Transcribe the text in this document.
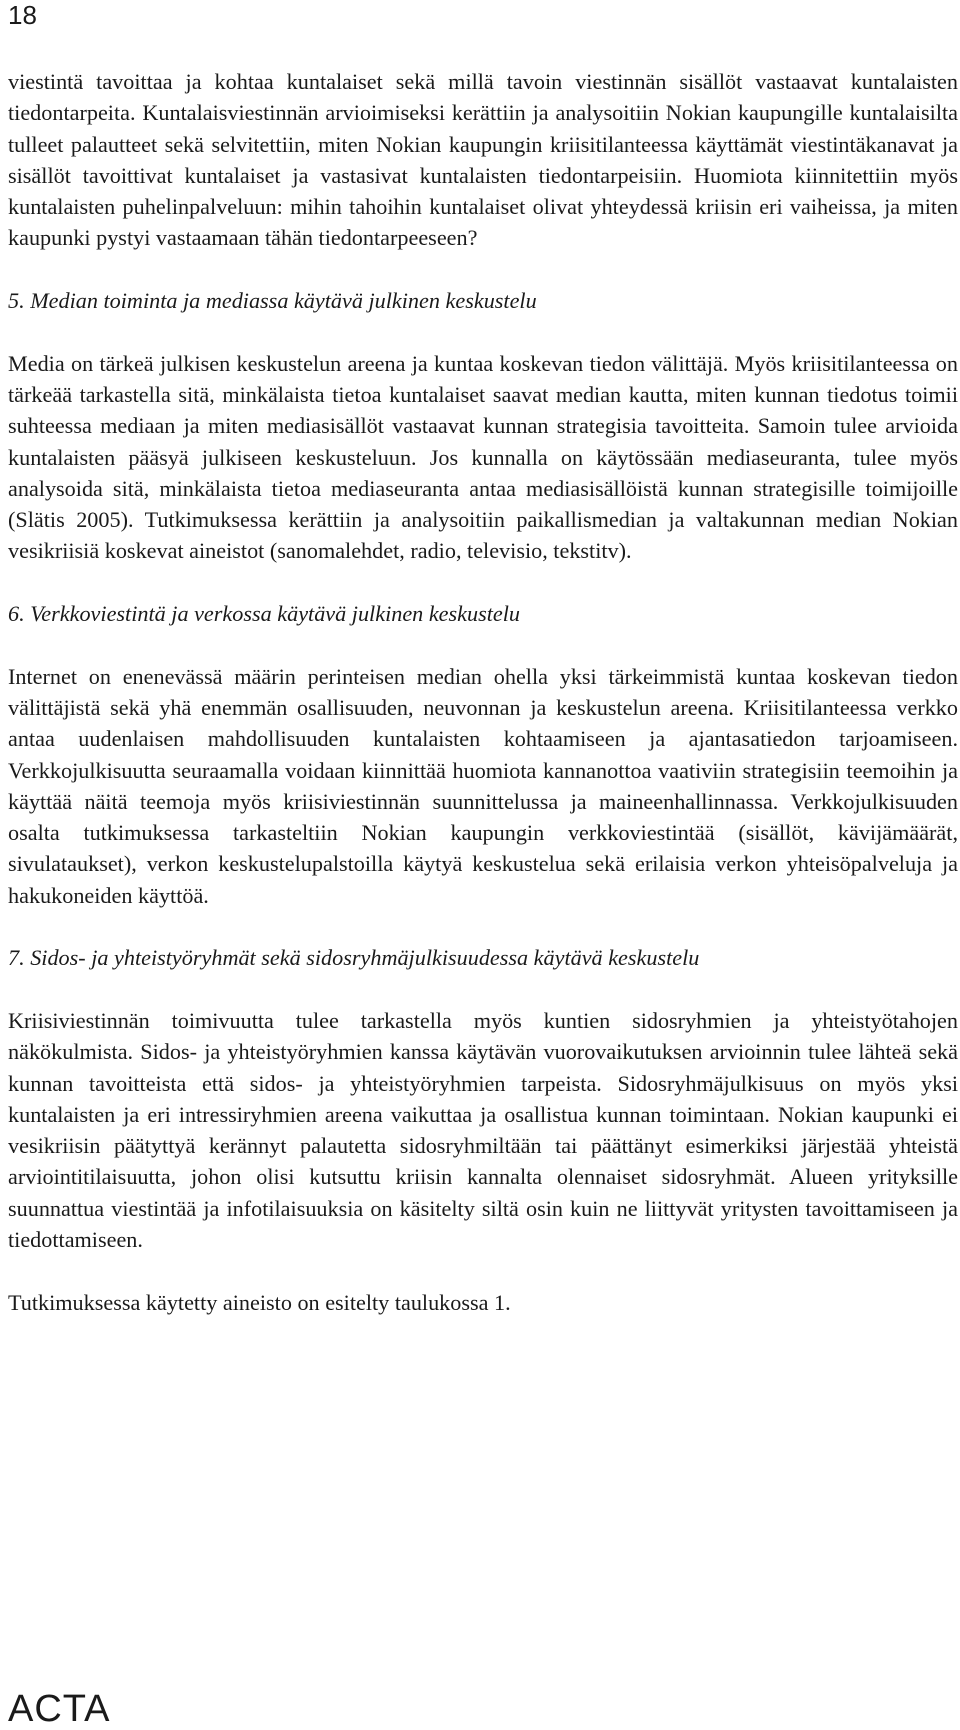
18

viestintä tavoittaa ja kohtaa kuntalaiset sekä millä tavoin viestinnän sisällöt vastaavat kuntalaisten tiedontarpeita. Kuntalaisviestinnän arvioimiseksi kerättiin ja analysoitiin Nokian kaupungille kuntalaisilta tulleet palautteet sekä selvitettiin, miten Nokian kaupungin kriisitilanteessa käyttämät viestintäkanavat ja sisällöt tavoittivat kuntalaiset ja vastasivat kuntalaisten tiedontarpeisiin. Huomiota kiinnitettiin myös kuntalaisten puhelinpalveluun: mihin tahoihin kuntalaiset olivat yhteydessä kriisin eri vaiheissa, ja miten kaupunki pystyi vastaamaan tähän tiedontarpeeseen?

5. Median toiminta ja mediassa käytävä julkinen keskustelu

Media on tärkeä julkisen keskustelun areena ja kuntaa koskevan tiedon välittäjä. Myös kriisitilanteessa on tärkeää tarkastella sitä, minkälaista tietoa kuntalaiset saavat median kautta, miten kunnan tiedotus toimii suhteessa mediaan ja miten mediasisällöt vastaavat kunnan strategisia tavoitteita. Samoin tulee arvioida kuntalaisten pääsyä julkiseen keskusteluun. Jos kunnalla on käytössään mediaseuranta, tulee myös analysoida sitä, minkälaista tietoa mediaseuranta antaa mediasisällöistä kunnan strategisille toimijoille (Slätis 2005). Tutkimuksessa kerättiin ja analysoitiin paikallismedian ja valtakunnan median Nokian vesikriisiä koskevat aineistot (sanomalehdet, radio, televisio, tekstitv).

6. Verkkoviestintä ja verkossa käytävä julkinen keskustelu

Internet on enenevässä määrin perinteisen median ohella yksi tärkeimmistä kuntaa koskevan tiedon välittäjistä sekä yhä enemmän osallisuuden, neuvonnan ja keskustelun areena. Kriisitilanteessa verkko antaa uudenlaisen mahdollisuuden kuntalaisten kohtaamiseen ja ajantasatiedon tarjoamiseen. Verkkojulkisuutta seuraamalla voidaan kiinnittää huomiota kannanottoa vaativiin strategisiin teemoihin ja käyttää näitä teemoja myös kriisiviestinnän suunnittelussa ja maineenhallinnassa. Verkkojulkisuuden osalta tutkimuksessa tarkasteltiin Nokian kaupungin verkkoviestintää (sisällöt, kävijämäärät, sivulataukset), verkon keskustelupalstoilla käytyä keskustelua sekä erilaisia verkon yhteisöpalveluja ja hakukoneiden käyttöä.

7. Sidos- ja yhteistyöryhmät sekä sidosryhmäjulkisuudessa käytävä keskustelu

Kriisiviestinnän toimivuutta tulee tarkastella myös kuntien sidosryhmien ja yhteistyötahojen näkökulmista. Sidos- ja yhteistyöryhmien kanssa käytävän vuorovaikutuksen arvioinnin tulee lähteä sekä kunnan tavoitteista että sidos- ja yhteistyöryhmien tarpeista. Sidosryhmäjulkisuus on myös yksi kuntalaisten ja eri intressiryhmien areena vaikuttaa ja osallistua kunnan toimintaan. Nokian kaupunki ei vesikriisin päätyttyä kerännyt palautetta sidosryhmiltään tai päättänyt esimerkiksi järjestää yhteistä arviointitilaisuutta, johon olisi kutsuttu kriisin kannalta olennaiset sidosryhmät. Alueen yrityksille suunnattua viestintää ja infotilaisuuksia on käsitelty siltä osin kuin ne liittyvät yritysten tavoittamiseen ja tiedottamiseen.

Tutkimuksessa käytetty aineisto on esitelty taulukossa 1.

ACTA
